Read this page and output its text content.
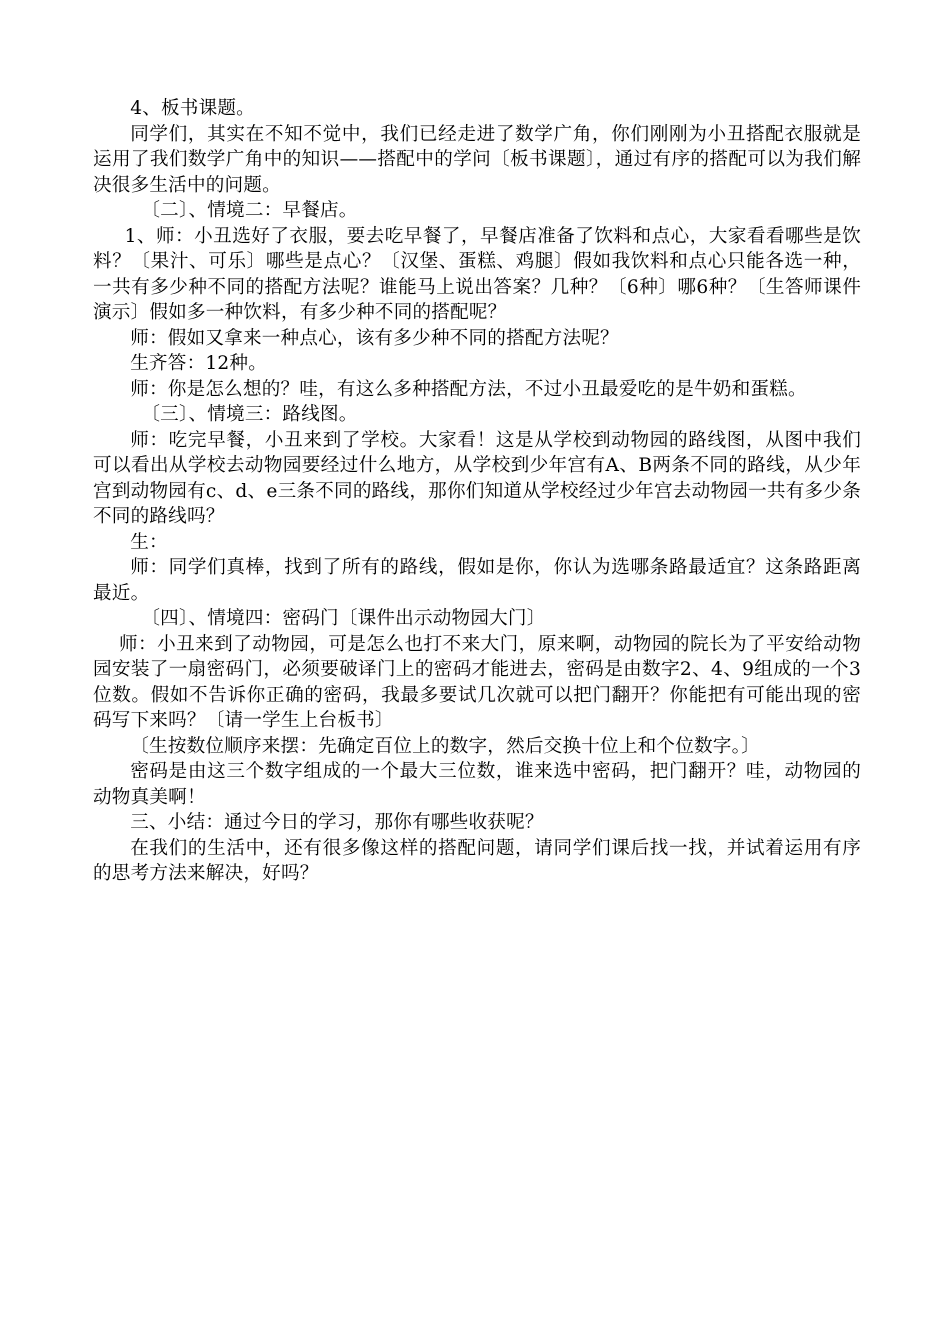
4、板书课题。

同学们，其实在不知不觉中，我们已经走进了数学广角，你们刚刚为小丑搭配衣服就是运用了我们数学广角中的知识——搭配中的学问〔板书课题〕，通过有序的搭配可以为我们解决很多生活中的问题。

〔二〕、情境二：早餐店。

1、师：小丑选好了衣服，要去吃早餐了，早餐店准备了饮料和点心，大家看看哪些是饮料？〔果汁、可乐〕哪些是点心？〔汉堡、蛋糕、鸡腿〕假如我饮料和点心只能各选一种，一共有多少种不同的搭配方法呢？谁能马上说出答案？几种？〔6种〕哪6种？〔生答师课件演示〕假如多一种饮料，有多少种不同的搭配呢？

师：假如又拿来一种点心，该有多少种不同的搭配方法呢？

生齐答：12种。

师：你是怎么想的？哇，有这么多种搭配方法，不过小丑最爱吃的是牛奶和蛋糕。

〔三〕、情境三：路线图。

师：吃完早餐，小丑来到了学校。大家看！这是从学校到动物园的路线图，从图中我们可以看出从学校去动物园要经过什么地方，从学校到少年宫有A、B两条不同的路线，从少年宫到动物园有c、d、e三条不同的路线，那你们知道从学校经过少年宫去动物园一共有多少条不同的路线吗？

生：

师：同学们真棒，找到了所有的路线，假如是你，你认为选哪条路最适宜？这条路距离最近。

〔四〕、情境四：密码门〔课件出示动物园大门〕

师：小丑来到了动物园，可是怎么也打不来大门，原来啊，动物园的院长为了平安给动物园安装了一扇密码门，必须要破译门上的密码才能进去，密码是由数字2、4、9组成的一个3位数。假如不告诉你正确的密码，我最多要试几次就可以把门翻开？你能把有可能出现的密码写下来吗？〔请一学生上台板书〕

〔生按数位顺序来摆：先确定百位上的数字，然后交换十位上和个位数字。〕

密码是由这三个数字组成的一个最大三位数，谁来选中密码，把门翻开？哇，动物园的动物真美啊！

三、小结：通过今日的学习，那你有哪些收获呢？

在我们的生活中，还有很多像这样的搭配问题，请同学们课后找一找，并试着运用有序的思考方法来解决，好吗？
